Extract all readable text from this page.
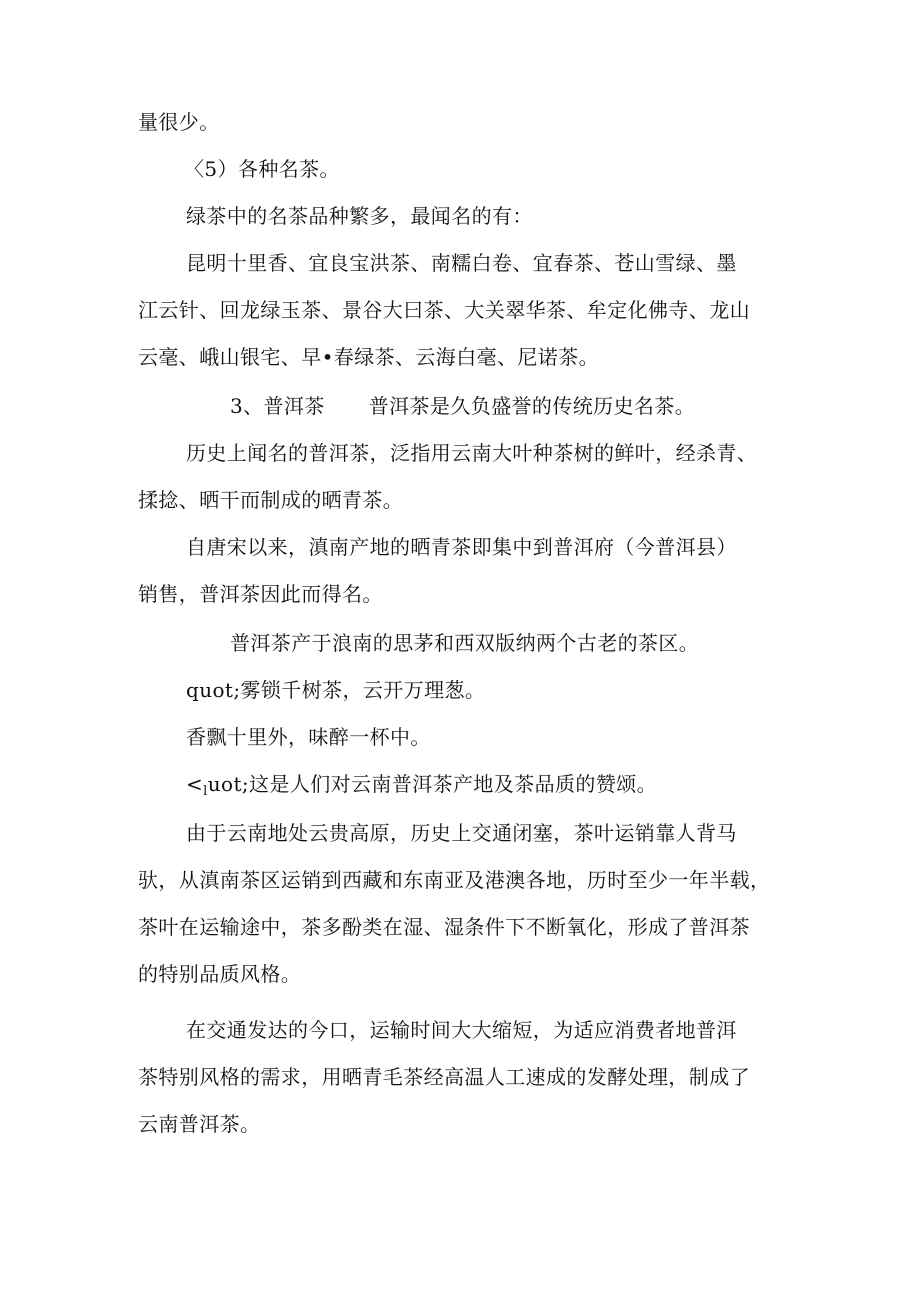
量很少。
〈5）各种名茶。
绿茶中的名茶品种繁多，最闻名的有：
昆明十里香、宜良宝洪茶、南糯白卷、宜春茶、苍山雪绿、墨
江云针、回龙绿玉茶、景谷大曰茶、大关翠华茶、牟定化佛寺、龙山
云毫、峨山银宅、早•春绿茶、云海白毫、尼诺茶。
3、普洱茶 普洱茶是久负盛誉的传统历史名茶。
历史上闻名的普洱茶，泛指用云南大叶种茶树的鲜叶，经杀青、
揉捻、晒干而制成的晒青茶。
自唐宋以来，滇南产地的晒青茶即集中到普洱府（今普洱县）
销售，普洱茶因此而得名。
普洱茶产于浪南的思茅和西双版纳两个古老的茶区。
quot;雾锁千树茶，云开万理葱。
香飘十里外，味醉一杯中。
$<_luot$;这是人们对云南普洱茶产地及茶品质的赞颂。
由于云南地处云贵高原，历史上交通闭塞，茶叶运销靠人背马
驮，从滇南茶区运销到西藏和东南亚及港澳各地，历时至少一年半载，
茶叶在运输途中，茶多酚类在湿、湿条件下不断氧化，形成了普洱茶
的特别品质风格。
在交通发达的今口，运输时间大大缩短，为适应消费者地普洱
茶特别风格的需求，用晒青毛茶经高温人工速成的发酵处理，制成了
云南普洱茶。
